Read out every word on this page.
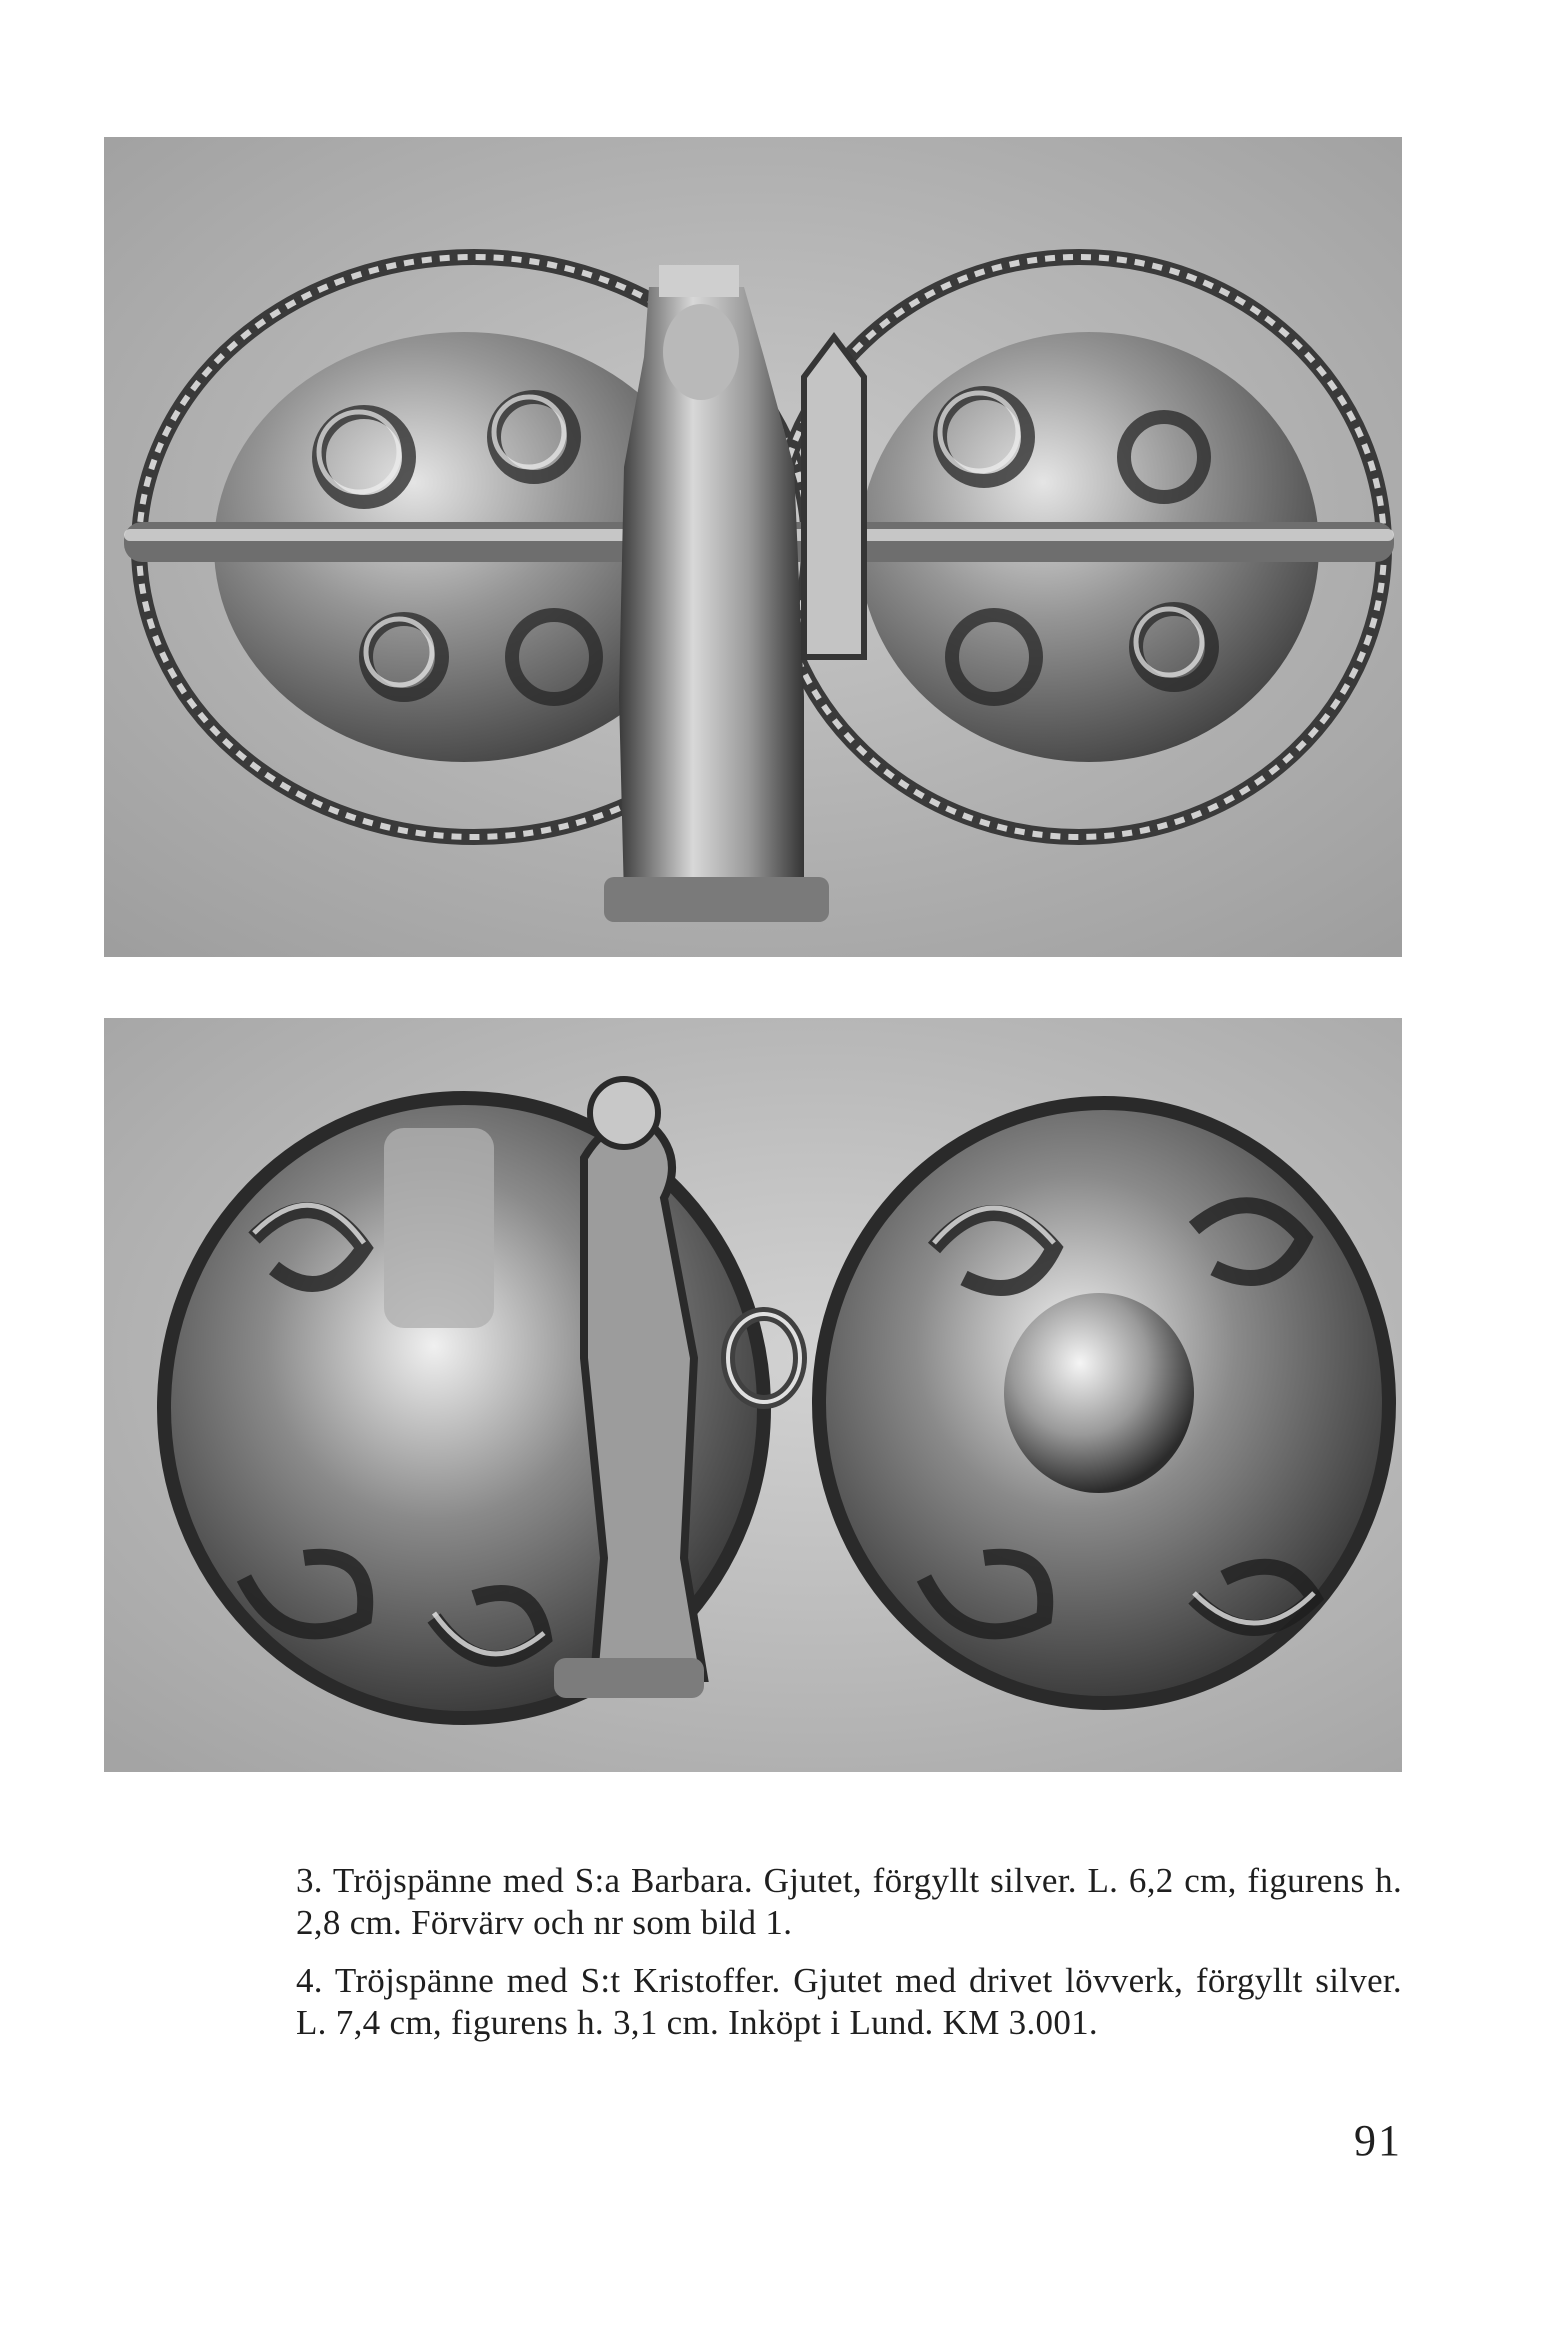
3. Tröjspänne med S:a Barbara. Gjutet, förgyllt silver. L. 6,2 cm, figurens h. 2,8 cm. Förvärv och nr som bild 1.

4. Tröjspänne med S:t Kristoffer. Gjutet med drivet lövverk, förgyllt silver. L. 7,4 cm, figurens h. 3,1 cm. Inköpt i Lund. KM 3.001.

91
